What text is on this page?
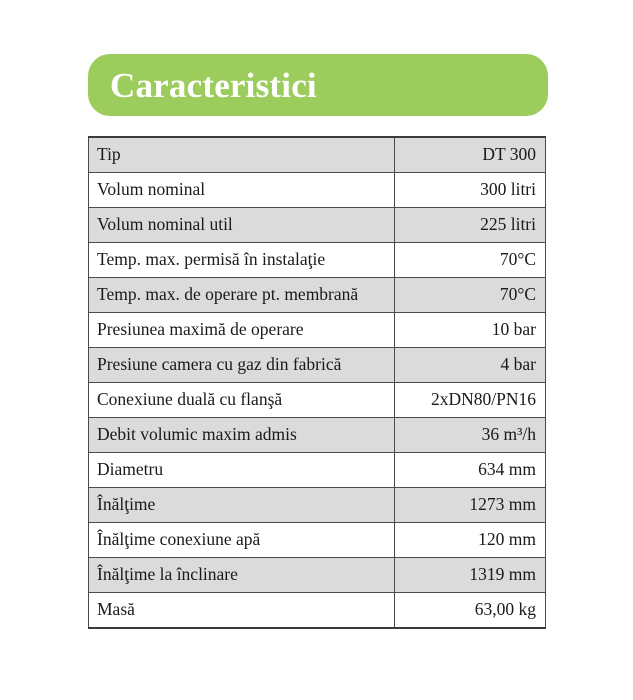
Caracteristici
Tip	DT 300
Volum nominal	300 litri
Volum nominal util	225 litri
Temp. max. permisă în instalaţie	70°C
Temp. max. de operare pt. membrană	70°C
Presiunea maximă de operare	10 bar
Presiune camera cu gaz din fabrică	4 bar
Conexiune duală cu flanşă	2xDN80/PN16
Debit volumic maxim admis	36 m³/h
Diametru	634 mm
Înălţime	1273 mm
Înălţime conexiune apă	120 mm
Înălţime la înclinare	1319 mm
Masă	63,00 kg
